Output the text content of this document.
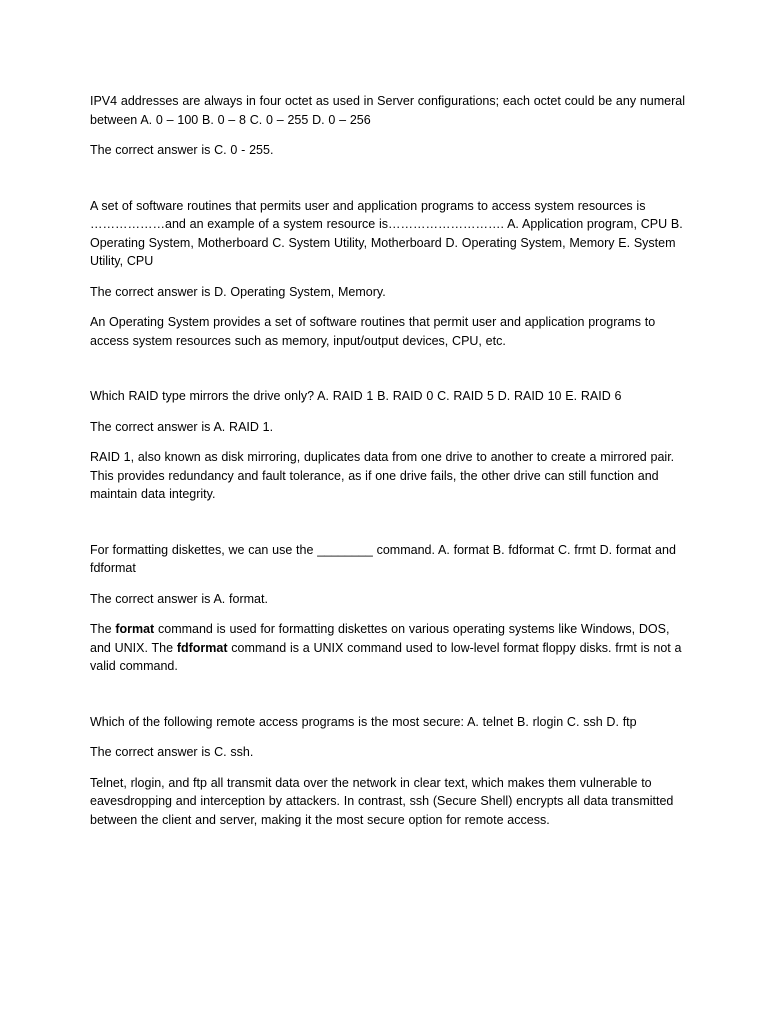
IPV4 addresses are always in four octet as used in Server configurations; each octet could be any numeral between A. 0 – 100 B. 0 – 8 C. 0 – 255 D. 0 – 256

The correct answer is C. 0 - 255.

A set of software routines that permits user and application programs to access system resources is ………………and an example of a system resource is………………………. A. Application program, CPU B. Operating System, Motherboard C. System Utility, Motherboard D. Operating System, Memory E. System Utility, CPU

The correct answer is D. Operating System, Memory.

An Operating System provides a set of software routines that permit user and application programs to access system resources such as memory, input/output devices, CPU, etc.

Which RAID type mirrors the drive only? A. RAID 1 B. RAID 0 C. RAID 5 D. RAID 10 E. RAID 6

The correct answer is A. RAID 1.

RAID 1, also known as disk mirroring, duplicates data from one drive to another to create a mirrored pair. This provides redundancy and fault tolerance, as if one drive fails, the other drive can still function and maintain data integrity.

For formatting diskettes, we can use the ________ command. A. format B. fdformat C. frmt D. format and fdformat

The correct answer is A. format.

The format command is used for formatting diskettes on various operating systems like Windows, DOS, and UNIX. The fdformat command is a UNIX command used to low-level format floppy disks. frmt is not a valid command.

Which of the following remote access programs is the most secure: A. telnet B. rlogin C. ssh D. ftp

The correct answer is C. ssh.

Telnet, rlogin, and ftp all transmit data over the network in clear text, which makes them vulnerable to eavesdropping and interception by attackers. In contrast, ssh (Secure Shell) encrypts all data transmitted between the client and server, making it the most secure option for remote access.
